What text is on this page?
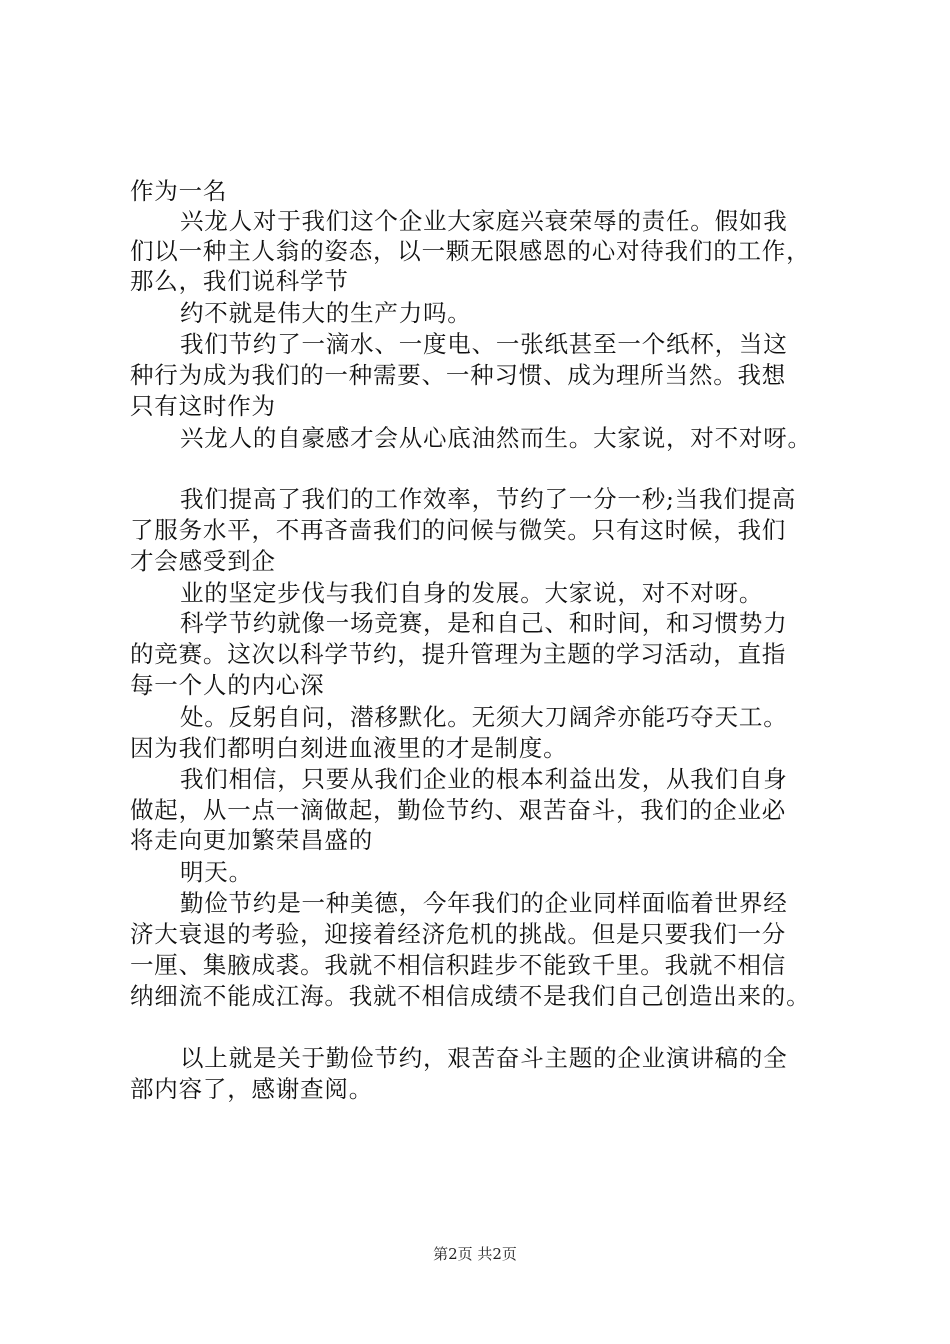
作为一名
兴龙人对于我们这个企业大家庭兴衰荣辱的责任。假如我
们以一种主人翁的姿态，以一颗无限感恩的心对待我们的工作，
那么，我们说科学节
约不就是伟大的生产力吗。
我们节约了一滴水、一度电、一张纸甚至一个纸杯，当这
种行为成为我们的一种需要、一种习惯、成为理所当然。我想
只有这时作为
兴龙人的自豪感才会从心底油然而生。大家说，对不对呀。
我们提高了我们的工作效率，节约了一分一秒;当我们提高
了服务水平，不再吝啬我们的问候与微笑。只有这时候，我们
才会感受到企
业的坚定步伐与我们自身的发展。大家说，对不对呀。
科学节约就像一场竞赛，是和自己、和时间，和习惯势力
的竞赛。这次以科学节约，提升管理为主题的学习活动，直指
每一个人的内心深
处。反躬自问，潜移默化。无须大刀阔斧亦能巧夺天工。
因为我们都明白刻进血液里的才是制度。
我们相信，只要从我们企业的根本利益出发，从我们自身
做起，从一点一滴做起，勤俭节约、艰苦奋斗，我们的企业必
将走向更加繁荣昌盛的
明天。
勤俭节约是一种美德，今年我们的企业同样面临着世界经
济大衰退的考验，迎接着经济危机的挑战。但是只要我们一分
一厘、集腋成裘。我就不相信积跬步不能致千里。我就不相信
纳细流不能成江海。我就不相信成绩不是我们自己创造出来的。
以上就是关于勤俭节约，艰苦奋斗主题的企业演讲稿的全
部内容了，感谢查阅。
第2页 共2页
